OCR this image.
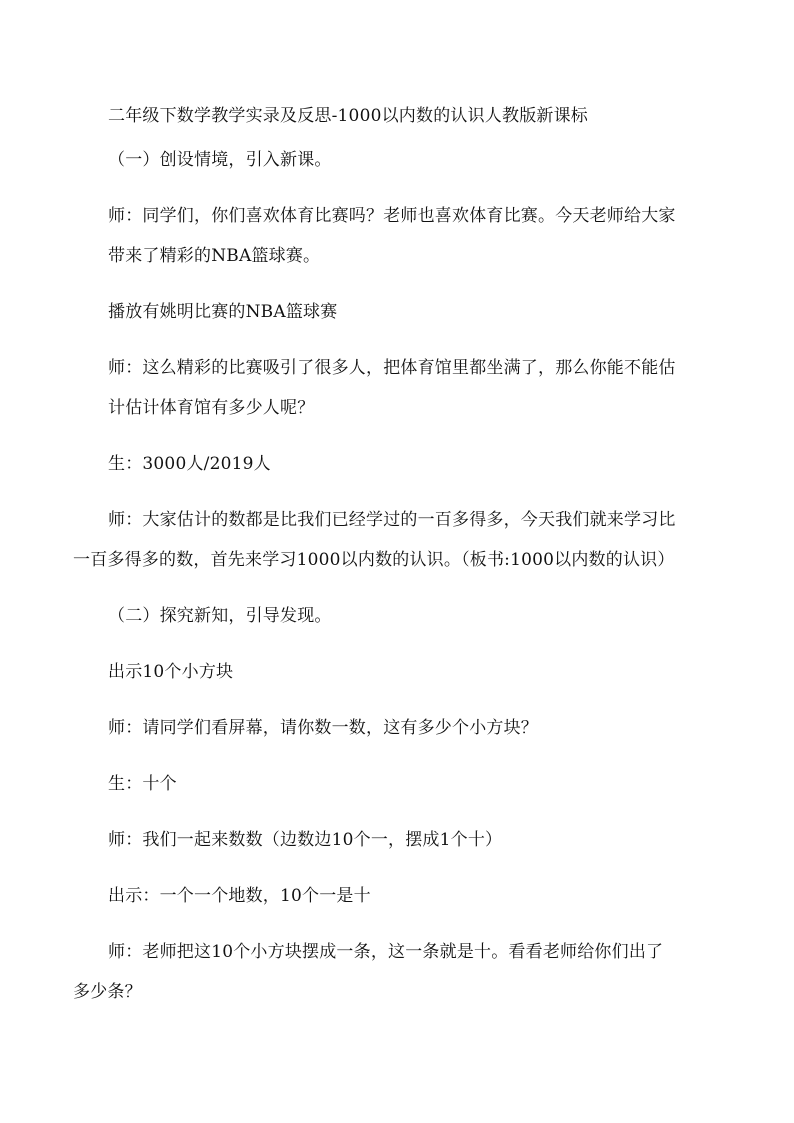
二年级下数学教学实录及反思-1000以内数的认识人教版新课标
（一）创设情境，引入新课。
师：同学们，你们喜欢体育比赛吗？老师也喜欢体育比赛。今天老师给大家
带来了精彩的NBA篮球赛。
播放有姚明比赛的NBA篮球赛
师：这么精彩的比赛吸引了很多人，把体育馆里都坐满了，那么你能不能估
计估计体育馆有多少人呢？
生：3000人/2019人
师：大家估计的数都是比我们已经学过的一百多得多，今天我们就来学习比
一百多得多的数，首先来学习1000以内数的认识。（板书:1000以内数的认识）
（二）探究新知，引导发现。
出示10个小方块
师：请同学们看屏幕，请你数一数，这有多少个小方块？
生：十个
师：我们一起来数数（边数边10个一，摆成1个十）
出示：一个一个地数，10个一是十
师：老师把这10个小方块摆成一条，这一条就是十。看看老师给你们出了
多少条？
